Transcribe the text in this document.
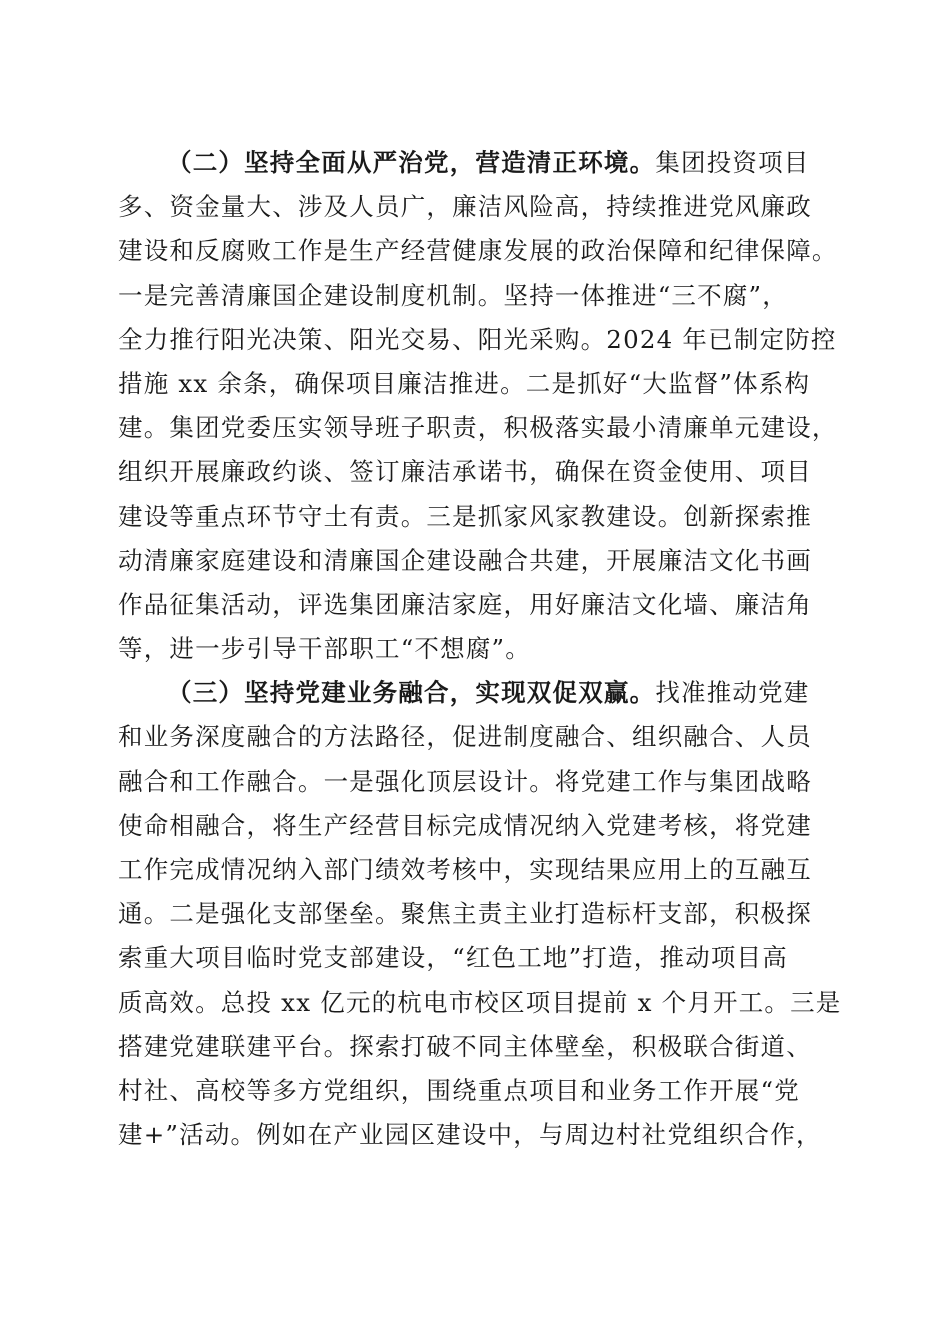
（二）坚持全面从严治党，营造清正环境。集团投资项目
多、资金量大、涉及人员广，廉洁风险高，持续推进党风廉政
建设和反腐败工作是生产经营健康发展的政治保障和纪律保障。
一是完善清廉国企建设制度机制。坚持一体推进“三不腐”，
全力推行阳光决策、阳光交易、阳光采购。2024 年已制定防控
措施 xx 余条，确保项目廉洁推进。二是抓好“大监督”体系构
建。集团党委压实领导班子职责，积极落实最小清廉单元建设，
组织开展廉政约谈、签订廉洁承诺书，确保在资金使用、项目
建设等重点环节守土有责。三是抓家风家教建设。创新探索推
动清廉家庭建设和清廉国企建设融合共建，开展廉洁文化书画
作品征集活动，评选集团廉洁家庭，用好廉洁文化墙、廉洁角
等，进一步引导干部职工“不想腐”。
（三）坚持党建业务融合，实现双促双赢。找准推动党建
和业务深度融合的方法路径，促进制度融合、组织融合、人员
融合和工作融合。一是强化顶层设计。将党建工作与集团战略
使命相融合，将生产经营目标完成情况纳入党建考核，将党建
工作完成情况纳入部门绩效考核中，实现结果应用上的互融互
通。二是强化支部堡垒。聚焦主责主业打造标杆支部，积极探
索重大项目临时党支部建设，“红色工地”打造，推动项目高
质高效。总投 xx 亿元的杭电市校区项目提前 x 个月开工。三是
搭建党建联建平台。探索打破不同主体壁垒，积极联合街道、
村社、高校等多方党组织，围绕重点项目和业务工作开展“党
建+”活动。例如在产业园区建设中，与周边村社党组织合作，
